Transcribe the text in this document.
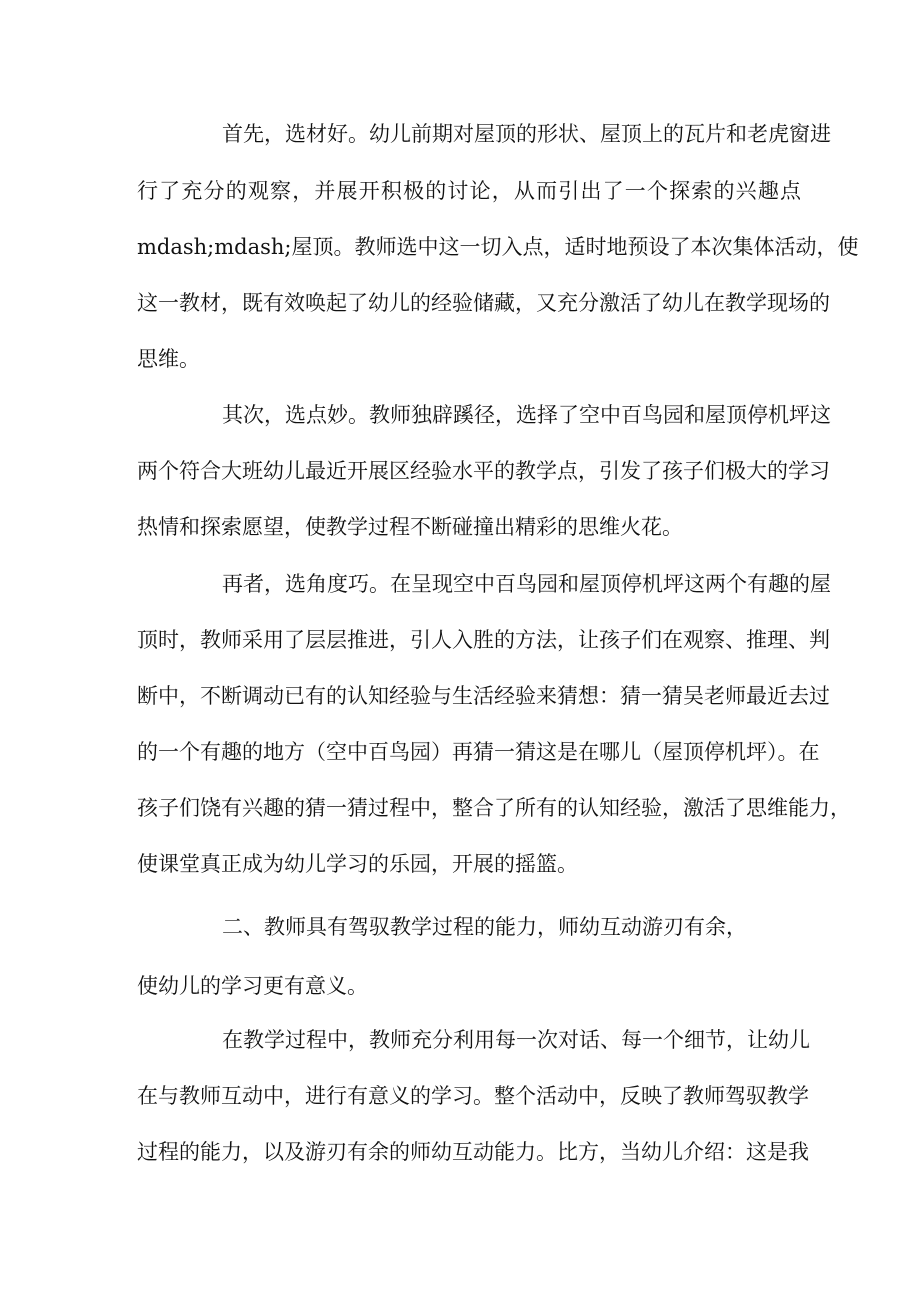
首先，选材好。幼儿前期对屋顶的形状、屋顶上的瓦片和老虎窗进
行了充分的观察，并展开积极的讨论，从而引出了一个探索的兴趣点
mdash;mdash;屋顶。教师选中这一切入点，适时地预设了本次集体活动，使
这一教材，既有效唤起了幼儿的经验储藏，又充分激活了幼儿在教学现场的
思维。
其次，选点妙。教师独辟蹊径，选择了空中百鸟园和屋顶停机坪这
两个符合大班幼儿最近开展区经验水平的教学点，引发了孩子们极大的学习
热情和探索愿望，使教学过程不断碰撞出精彩的思维火花。
再者，选角度巧。在呈现空中百鸟园和屋顶停机坪这两个有趣的屋
顶时，教师采用了层层推进，引人入胜的方法，让孩子们在观察、推理、判
断中，不断调动已有的认知经验与生活经验来猜想：猜一猜吴老师最近去过
的一个有趣的地方（空中百鸟园）再猜一猜这是在哪儿（屋顶停机坪）。在
孩子们饶有兴趣的猜一猜过程中，整合了所有的认知经验，激活了思维能力，
使课堂真正成为幼儿学习的乐园，开展的摇篮。
二、教师具有驾驭教学过程的能力，师幼互动游刃有余，
使幼儿的学习更有意义。
在教学过程中，教师充分利用每一次对话、每一个细节，让幼儿
在与教师互动中，进行有意义的学习。整个活动中，反映了教师驾驭教学
过程的能力，以及游刃有余的师幼互动能力。比方，当幼儿介绍：这是我
